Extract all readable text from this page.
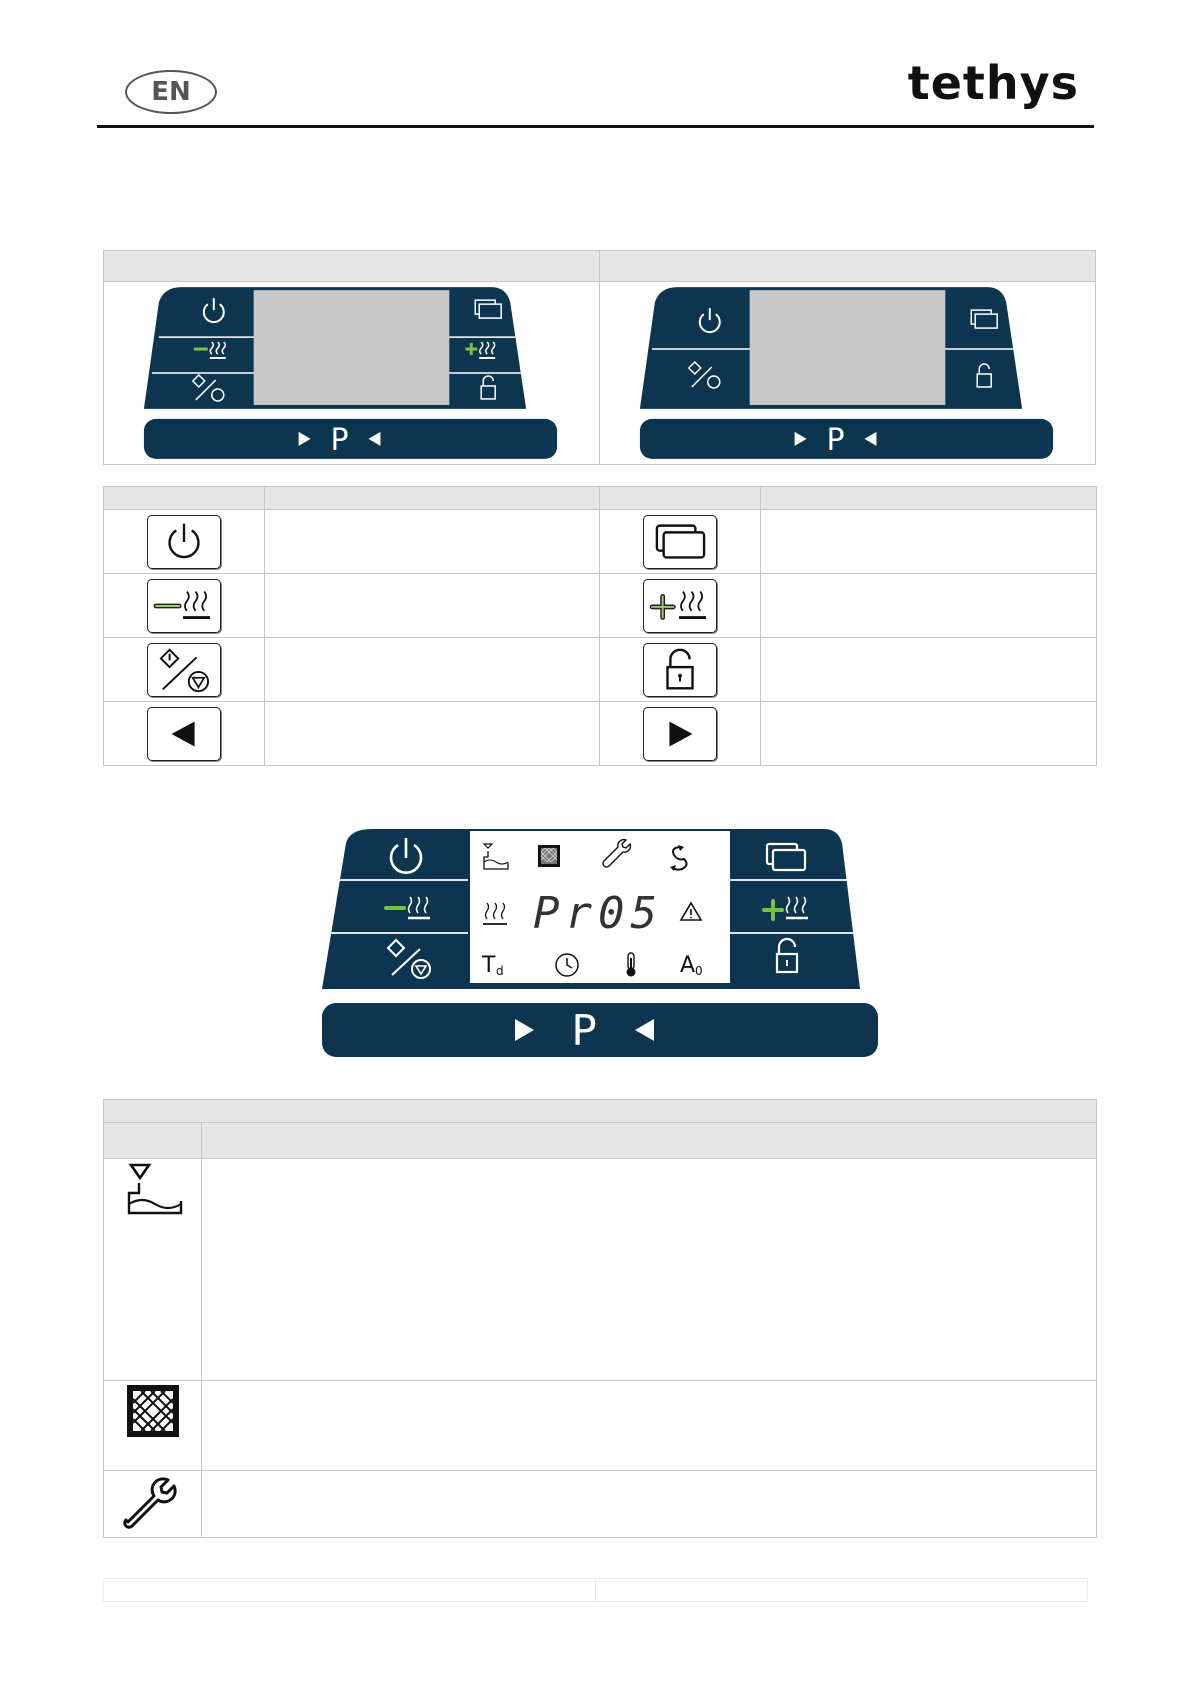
EN	tethys

P	P

Pr05
T d	A 0
P
